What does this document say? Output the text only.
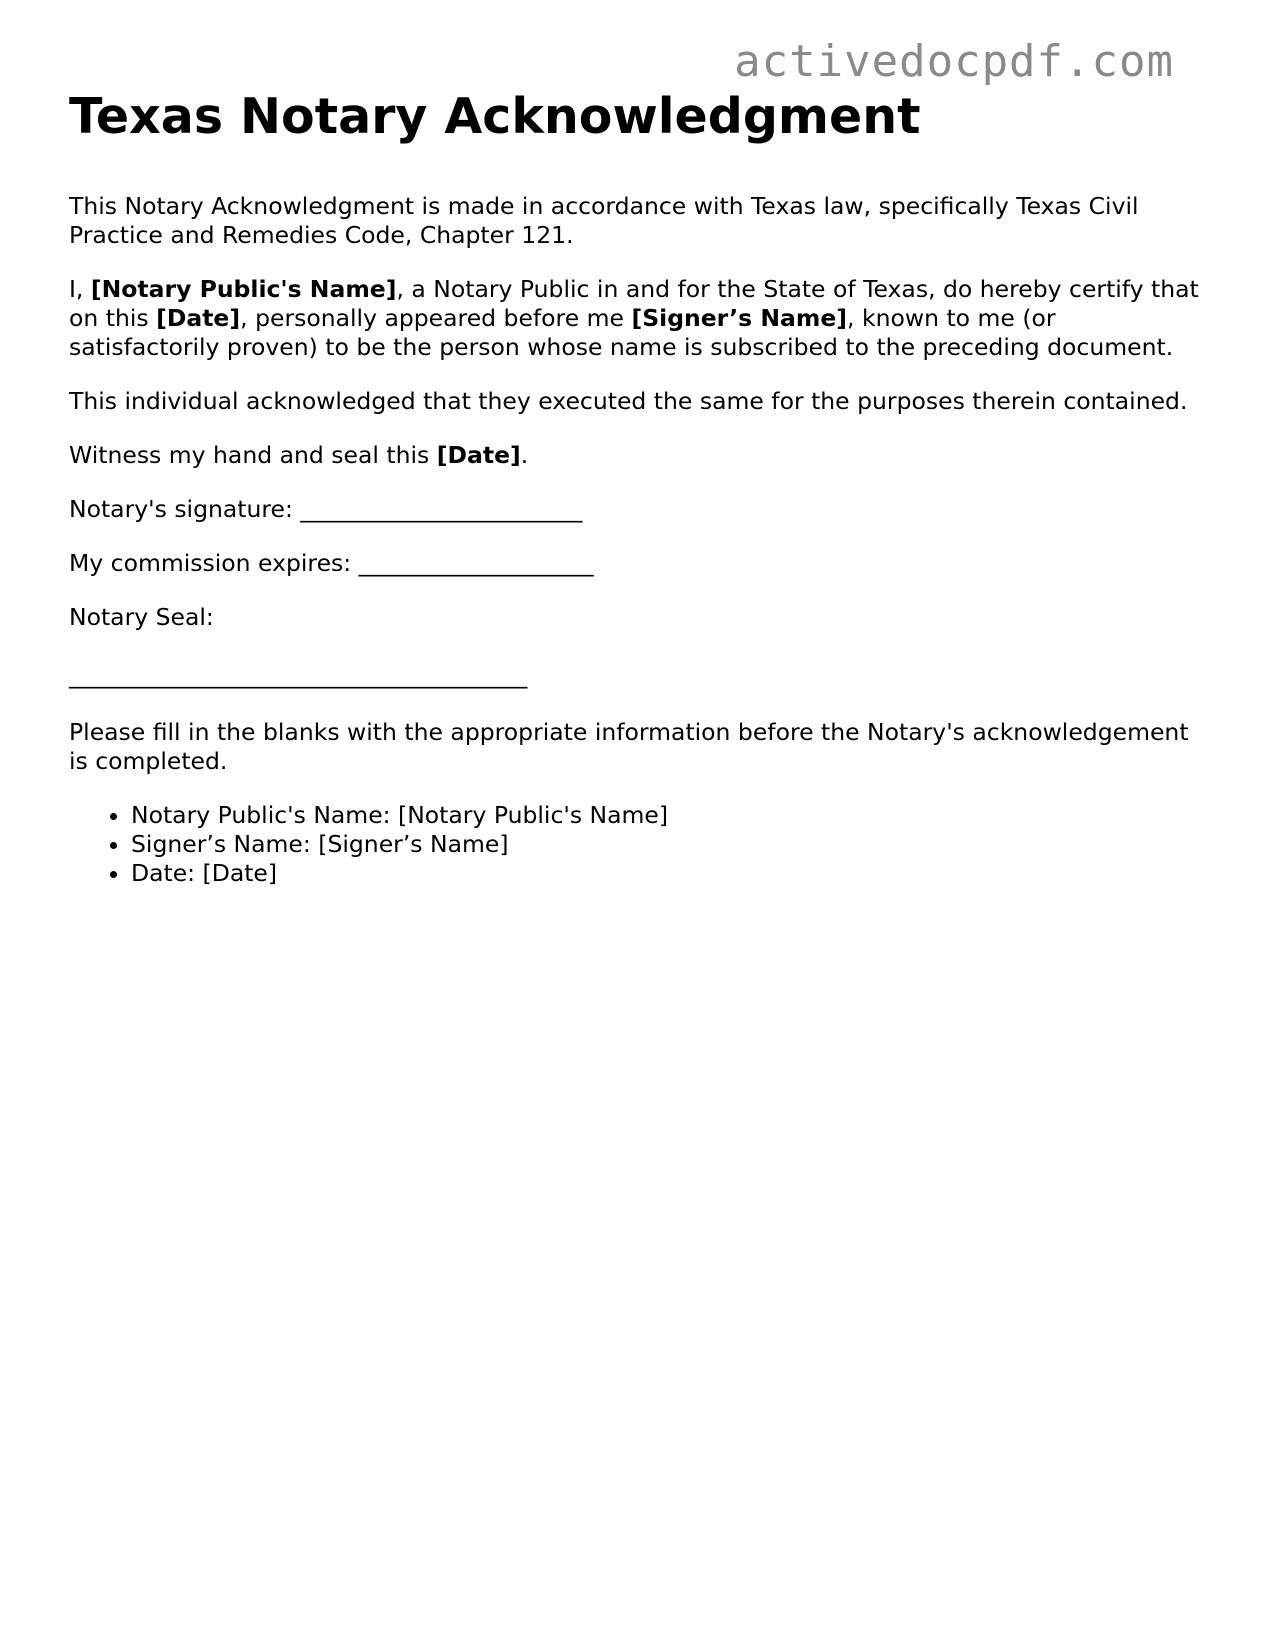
activedocpdf.com
Texas Notary Acknowledgment

This Notary Acknowledgment is made in accordance with Texas law, specifically Texas Civil Practice and Remedies Code, Chapter 121.

I, [Notary Public's Name], a Notary Public in and for the State of Texas, do hereby certify that on this [Date], personally appeared before me [Signer’s Name], known to me (or satisfactorily proven) to be the person whose name is subscribed to the preceding document.

This individual acknowledged that they executed the same for the purposes therein contained.

Witness my hand and seal this [Date].

Notary's signature: ________________________

My commission expires: ____________________

Notary Seal:

_______________________________________

Please fill in the blanks with the appropriate information before the Notary's acknowledgement is completed.

• Notary Public's Name: [Notary Public's Name]
• Signer’s Name: [Signer’s Name]
• Date: [Date]
